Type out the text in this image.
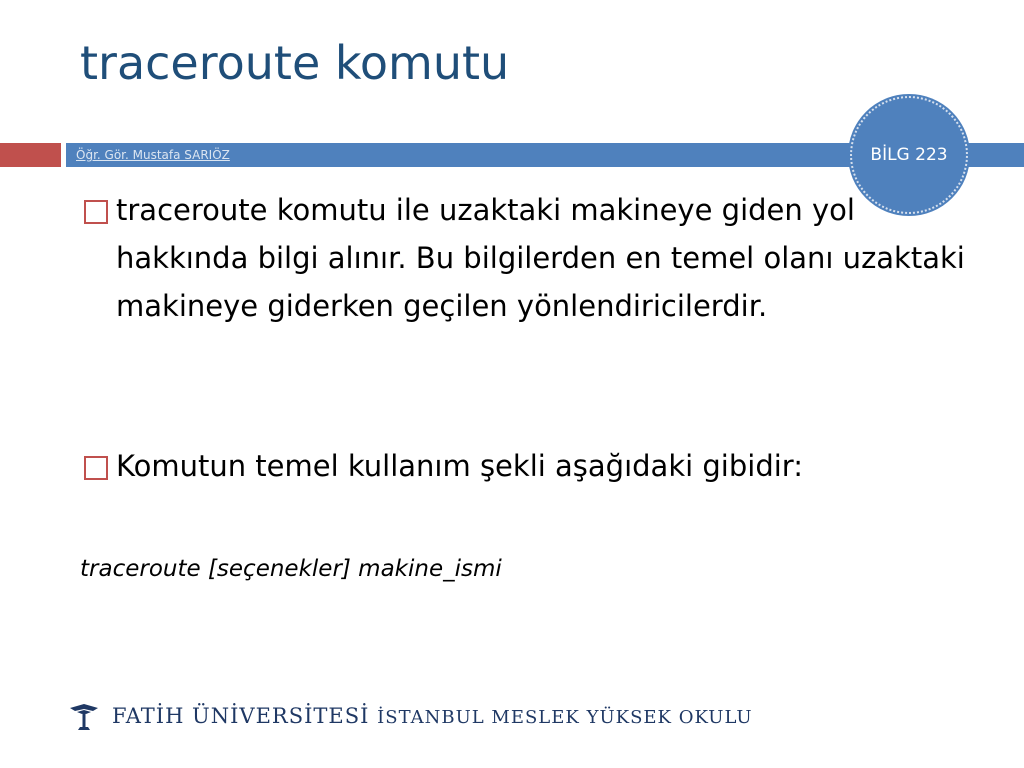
traceroute komutu
Öğr. Gör. Mustafa SARIÖZ	BİLG 223

traceroute komutu ile uzaktaki makineye giden yol hakkında bilgi alınır. Bu bilgilerden en temel olanı uzaktaki makineye giderken geçilen yönlendiricilerdir.

Komutun temel kullanım şekli aşağıdaki gibidir:

traceroute [seçenekler] makine_ismi
FATİH ÜNİVERSİTESİ İSTANBUL MESLEK YÜKSEK OKULU
